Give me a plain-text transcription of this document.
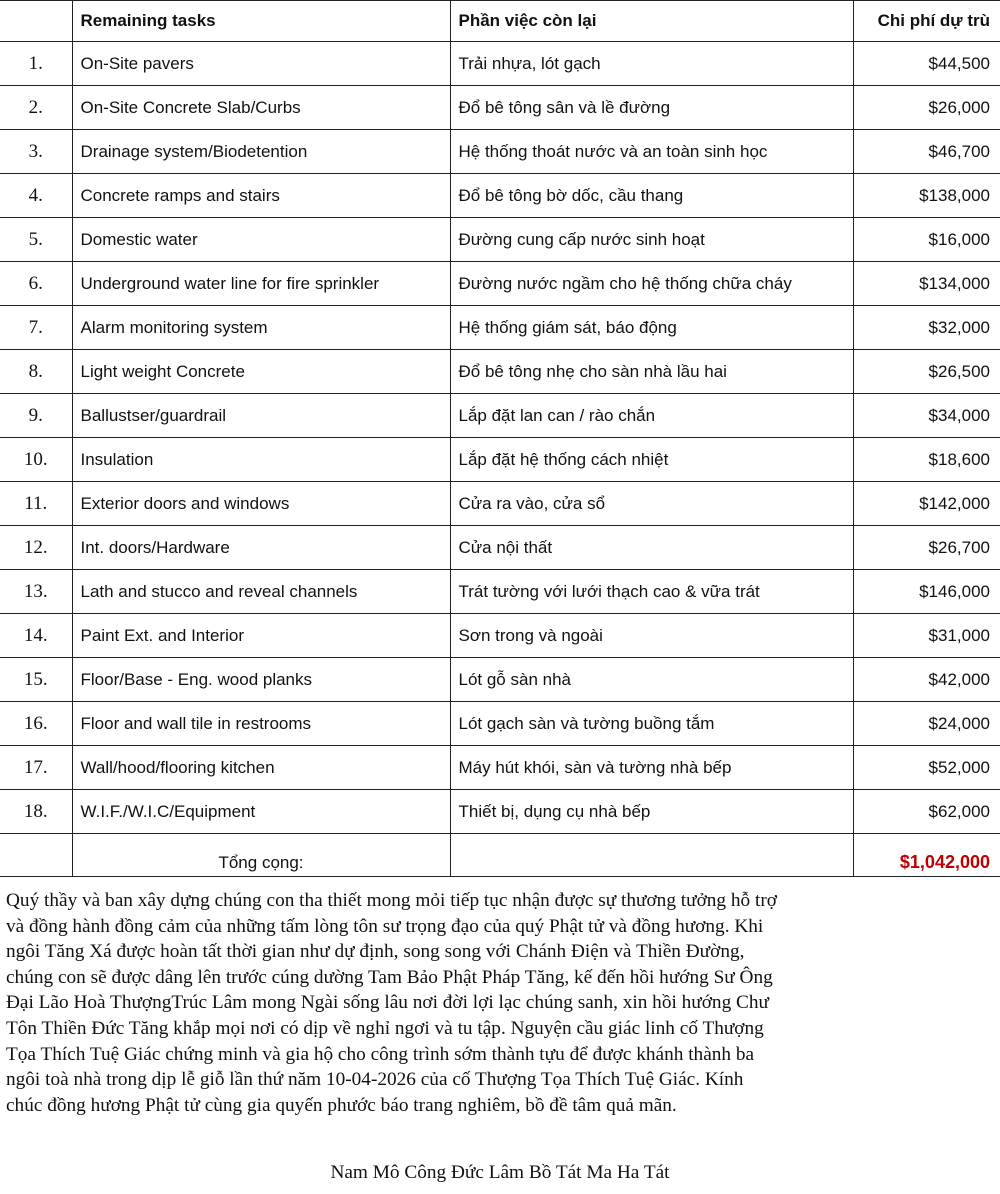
	Remaining tasks	Phần việc còn lại	Chi phí dự trù
1.	On-Site pavers	Trải nhựa, lót gạch	$44,500
2.	On-Site Concrete Slab/Curbs	Đổ bê tông sân và lề đường	$26,000
3.	Drainage system/Biodetention	Hệ thống thoát nước và an toàn sinh học	$46,700
4.	Concrete ramps and stairs	Đổ bê tông bờ dốc, cầu thang	$138,000
5.	Domestic water	Đường cung cấp nước sinh hoạt	$16,000
6.	Underground water line for fire sprinkler	Đường nước ngầm cho hệ thống chữa cháy	$134,000
7.	Alarm monitoring system	Hệ thống giám sát, báo động	$32,000
8.	Light weight Concrete	Đổ bê tông nhẹ cho sàn nhà lầu hai	$26,500
9.	Ballustser/guardrail	Lắp đặt lan can / rào chắn	$34,000
10.	Insulation	Lắp đặt hệ thống cách nhiệt	$18,600
11.	Exterior doors and windows	Cửa ra vào, cửa sổ	$142,000
12.	Int. doors/Hardware	Cửa nội thất	$26,700
13.	Lath and stucco and reveal channels	Trát tường với lưới thạch cao & vữa trát	$146,000
14.	Paint Ext. and Interior	Sơn trong và ngoài	$31,000
15.	Floor/Base - Eng. wood planks	Lót gỗ sàn nhà	$42,000
16.	Floor and wall tile in restrooms	Lót gạch sàn và tường buồng tắm	$24,000
17.	Wall/hood/flooring kitchen	Máy hút khói, sàn và tường nhà bếp	$52,000
18.	W.I.F./W.I.C/Equipment	Thiết bị, dụng cụ nhà bếp	$62,000
	Tổng cọng:		$1,042,000
Quý thầy và ban xây dựng chúng con tha thiết mong mỏi tiếp tục nhận được sự thương tưởng hỗ trợ
và đồng hành đồng cảm của những tấm lòng tôn sư trọng đạo của quý Phật tử và đồng hương. Khi
ngôi Tăng Xá được hoàn tất thời gian như dự định, song song với Chánh Điện và Thiền Đường,
chúng con sẽ được dâng lên trước cúng dường Tam Bảo Phật Pháp Tăng, kế đến hồi hướng Sư Ông
Đại Lão Hoà ThượngTrúc Lâm mong Ngài sống lâu nơi đời lợi lạc chúng sanh, xin hồi hướng Chư
Tôn Thiền Đức Tăng khắp mọi nơi có dịp về nghỉ ngơi và tu tập. Nguyện cầu giác linh cố Thượng
Tọa Thích Tuệ Giác chứng minh và gia hộ cho công trình sớm thành tựu để được khánh thành ba
ngôi toà nhà trong dịp lễ giỗ lần thứ năm 10-04-2026 của cố Thượng Tọa Thích Tuệ Giác. Kính
chúc đồng hương Phật tử cùng gia quyến phước báo trang nghiêm, bồ đề tâm quả mãn.
Nam Mô Công Đức Lâm Bồ Tát Ma Ha Tát
